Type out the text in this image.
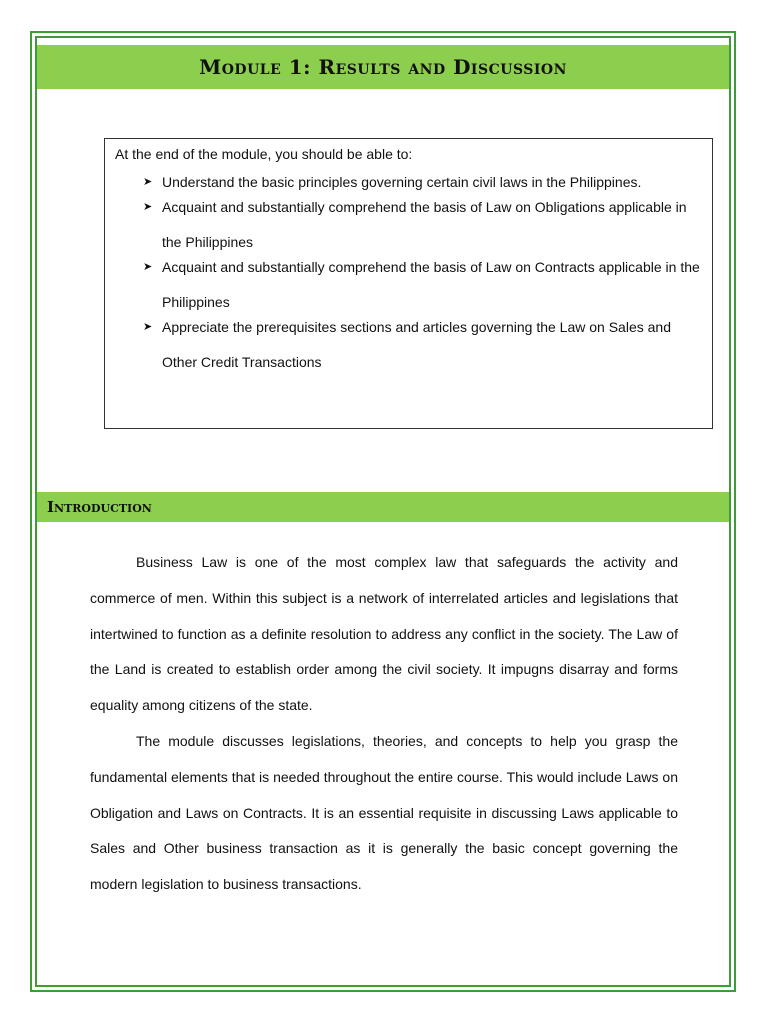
Module 1: Results and Discussion

At the end of the module, you should be able to:

➤ Understand the basic principles governing certain civil laws in the Philippines.
➤ Acquaint and substantially comprehend the basis of Law on Obligations applicable in the Philippines
➤ Acquaint and substantially comprehend the basis of Law on Contracts applicable in the Philippines
➤ Appreciate the prerequisites sections and articles governing the Law on Sales and Other Credit Transactions
Introduction

Business Law is one of the most complex law that safeguards the activity and commerce of men. Within this subject is a network of interrelated articles and legislations that intertwined to function as a definite resolution to address any conflict in the society. The Law of the Land is created to establish order among the civil society. It impugns disarray and forms equality among citizens of the state.

The module discusses legislations, theories, and concepts to help you grasp the fundamental elements that is needed throughout the entire course. This would include Laws on Obligation and Laws on Contracts. It is an essential requisite in discussing Laws applicable to Sales and Other business transaction as it is generally the basic concept governing the modern legislation to business transactions.
